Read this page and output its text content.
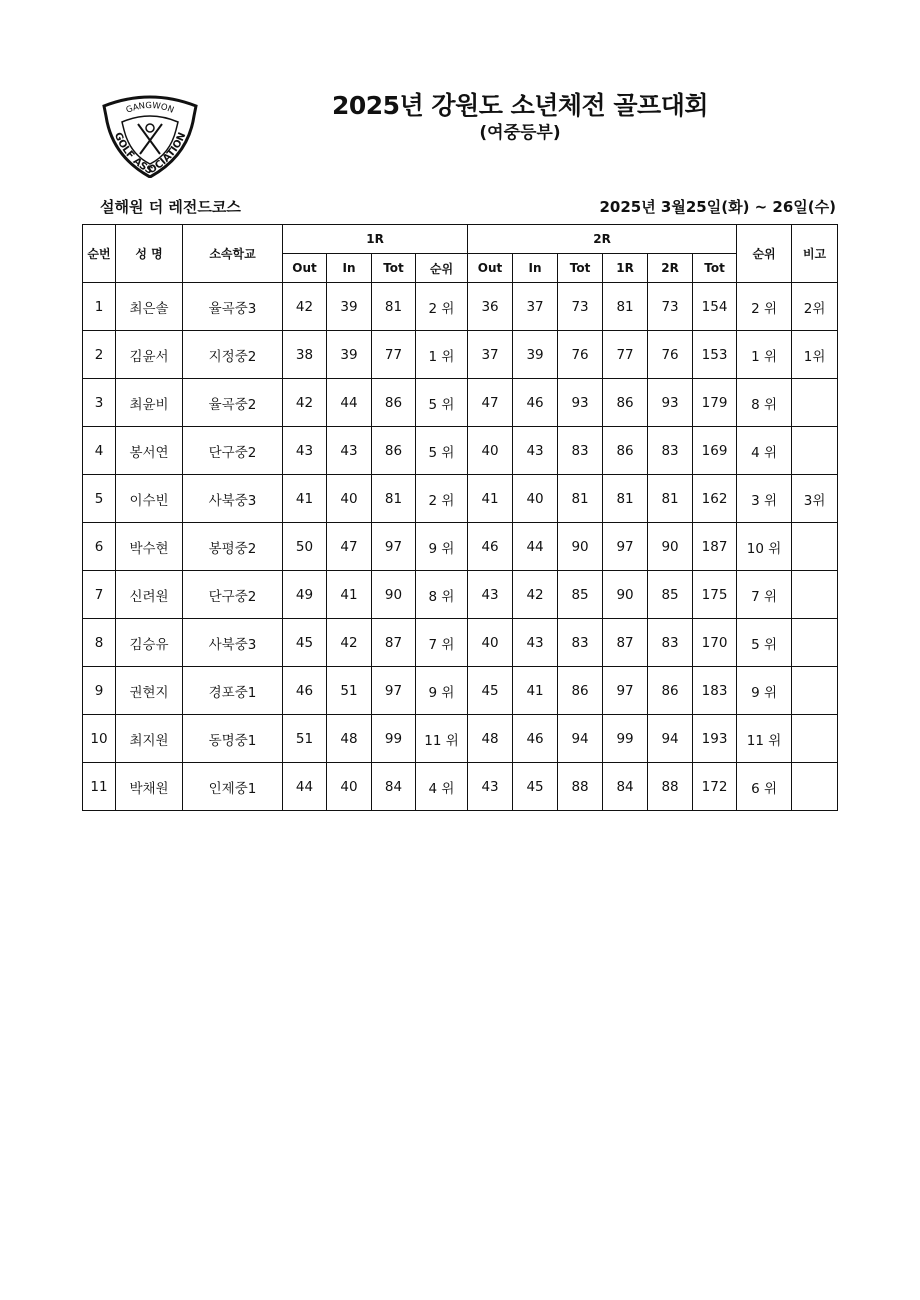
GANGWON
GOLF ASSOCIATION
2025년 강원도 소년체전 골프대회
(여중등부)
설해원 더 레전드코스	2025년 3월25일(화) ~ 26일(수)
순번	성 명	소속학교	1R				2R						순위	비고
			Out	In	Tot	순위	Out	In	Tot	1R	2R	Tot		
1	최은솔	율곡중3	42	39	81	2 위	36	37	73	81	73	154	2 위	2위
2	김윤서	지정중2	38	39	77	1 위	37	39	76	77	76	153	1 위	1위
3	최윤비	율곡중2	42	44	86	5 위	47	46	93	86	93	179	8 위	
4	봉서연	단구중2	43	43	86	5 위	40	43	83	86	83	169	4 위	
5	이수빈	사북중3	41	40	81	2 위	41	40	81	81	81	162	3 위	3위
6	박수현	봉평중2	50	47	97	9 위	46	44	90	97	90	187	10 위	
7	신려원	단구중2	49	41	90	8 위	43	42	85	90	85	175	7 위	
8	김승유	사북중3	45	42	87	7 위	40	43	83	87	83	170	5 위	
9	권현지	경포중1	46	51	97	9 위	45	41	86	97	86	183	9 위	
10	최지원	동명중1	51	48	99	11 위	48	46	94	99	94	193	11 위	
11	박채원	인제중1	44	40	84	4 위	43	45	88	84	88	172	6 위	
